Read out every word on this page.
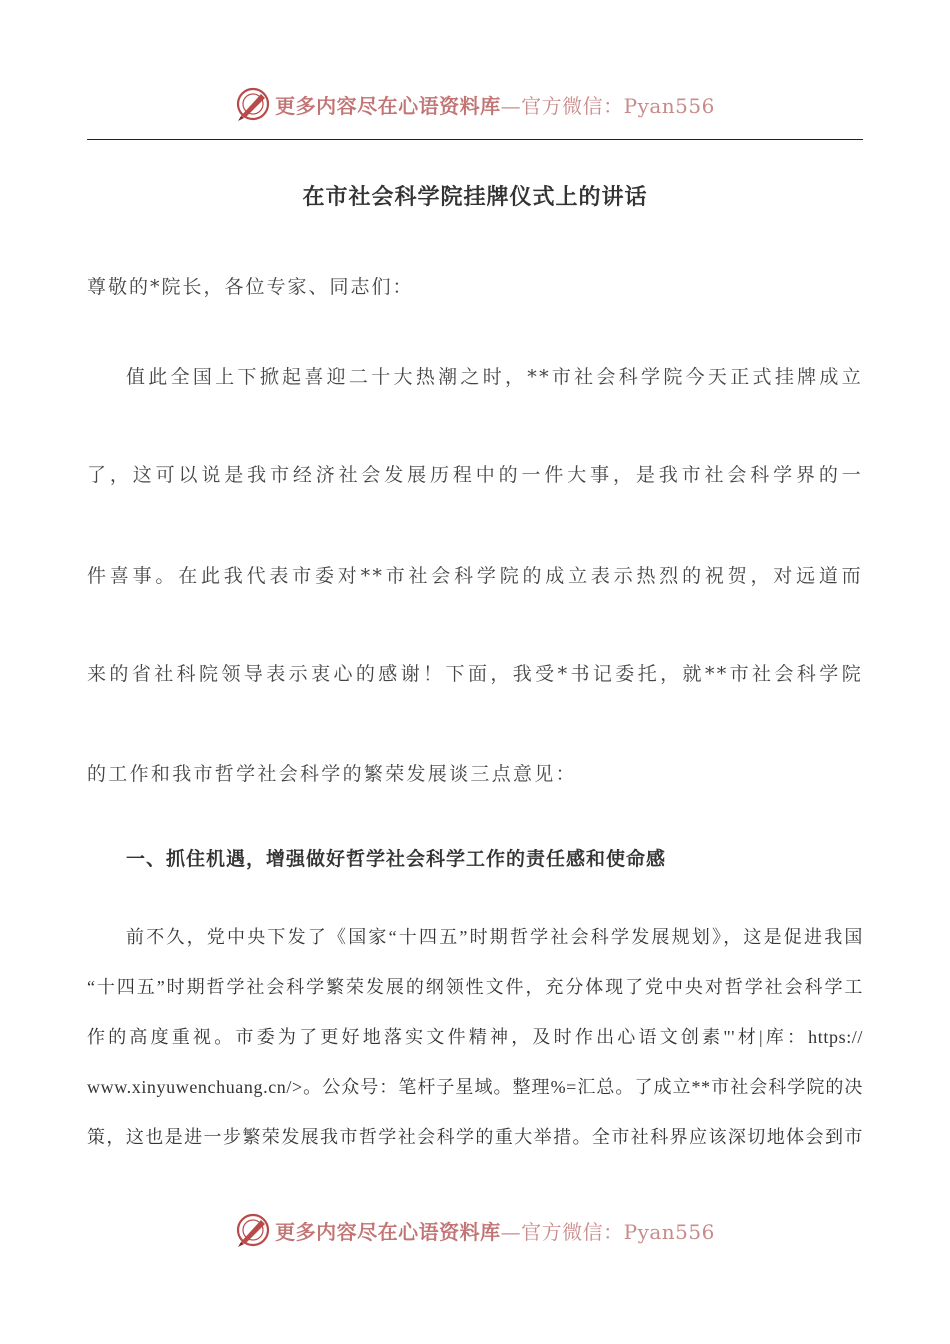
更多内容尽在心语资料库—官方微信：Pyan556
在市社会科学院挂牌仪式上的讲话
尊敬的*院长，各位专家、同志们：
值此全国上下掀起喜迎二十大热潮之时，**市社会科学院今天正式挂牌成立
了，这可以说是我市经济社会发展历程中的一件大事，是我市社会科学界的一
件喜事。在此我代表市委对**市社会科学院的成立表示热烈的祝贺，对远道而
来的省社科院领导表示衷心的感谢！下面，我受*书记委托，就**市社会科学院
的工作和我市哲学社会科学的繁荣发展谈三点意见：
一、抓住机遇，增强做好哲学社会科学工作的责任感和使命感
前不久，党中央下发了《国家“十四五”时期哲学社会科学发展规划》，这是促进我国
“十四五”时期哲学社会科学繁荣发展的纲领性文件，充分体现了党中央对哲学社会科学工
作的高度重视。市委为了更好地落实文件精神，及时作出心语文创素"'材|库：https://
www.xinyuwenchuang.cn/>。公众号：笔杆子星域。整理%=汇总。了成立**市社会科学院的决
策，这也是进一步繁荣发展我市哲学社会科学的重大举措。全市社科界应该深切地体会到市
更多内容尽在心语资料库—官方微信：Pyan556
